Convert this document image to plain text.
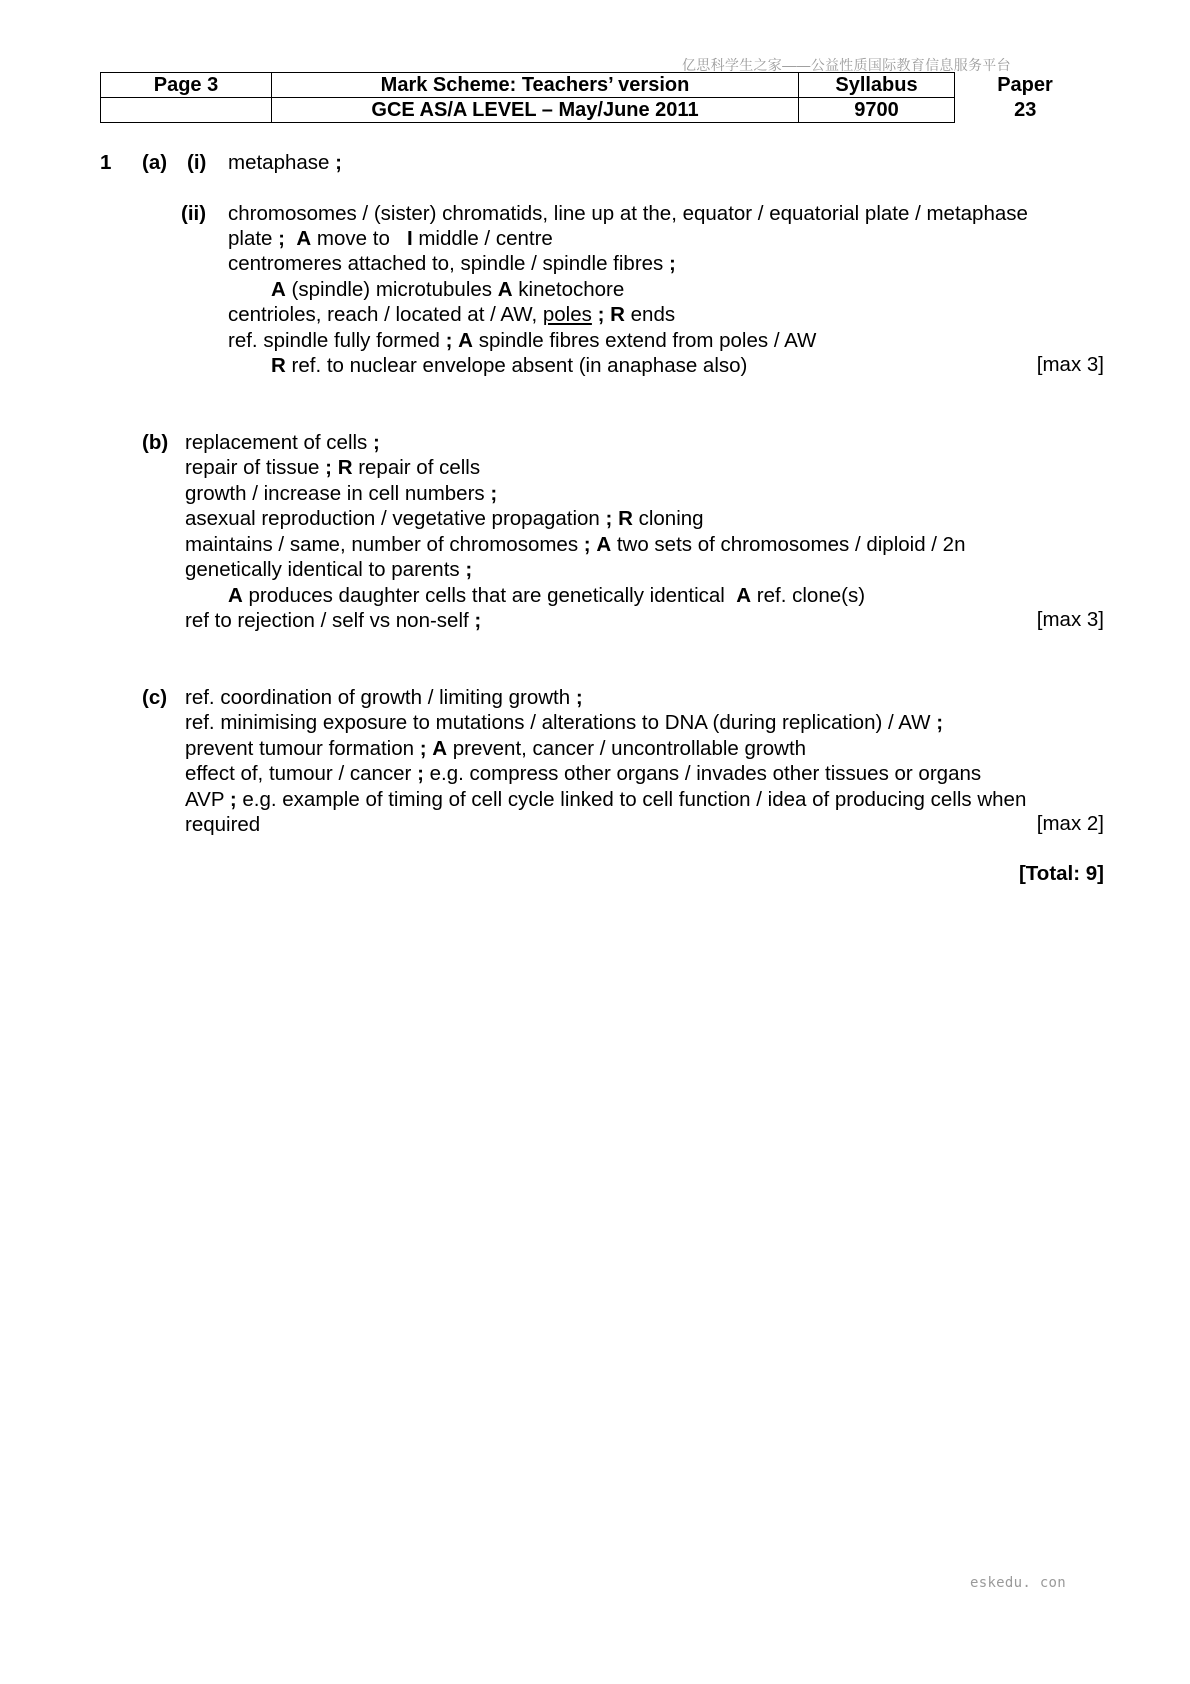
亿思科学生之家——公益性质国际教育信息服务平台
Page 3	Mark Scheme: Teachers’ version	Syllabus	Paper
	GCE AS/A LEVEL – May/June 2011	9700	23
1 (a) (i) metaphase ;
(ii) chromosomes / (sister) chromatids, line up at the, equator / equatorial plate / metaphase
plate ; A move to I middle / centre
centromeres attached to, spindle / spindle fibres ;
A (spindle) microtubules A kinetochore
centrioles, reach / located at / AW, poles ; R ends
ref. spindle fully formed ; A spindle fibres extend from poles / AW
R ref. to nuclear envelope absent (in anaphase also)	[max 3]
(b) replacement of cells ;
repair of tissue ; R repair of cells
growth / increase in cell numbers ;
asexual reproduction / vegetative propagation ; R cloning
maintains / same, number of chromosomes ; A two sets of chromosomes / diploid / 2n
genetically identical to parents ;
A produces daughter cells that are genetically identical A ref. clone(s)
ref to rejection / self vs non-self ;	[max 3]
(c) ref. coordination of growth / limiting growth ;
ref. minimising exposure to mutations / alterations to DNA (during replication) / AW ;
prevent tumour formation ; A prevent, cancer / uncontrollable growth
effect of, tumour / cancer ; e.g. compress other organs / invades other tissues or organs
AVP ; e.g. example of timing of cell cycle linked to cell function / idea of producing cells when
required	[max 2]
[Total: 9]
eskedu. con
